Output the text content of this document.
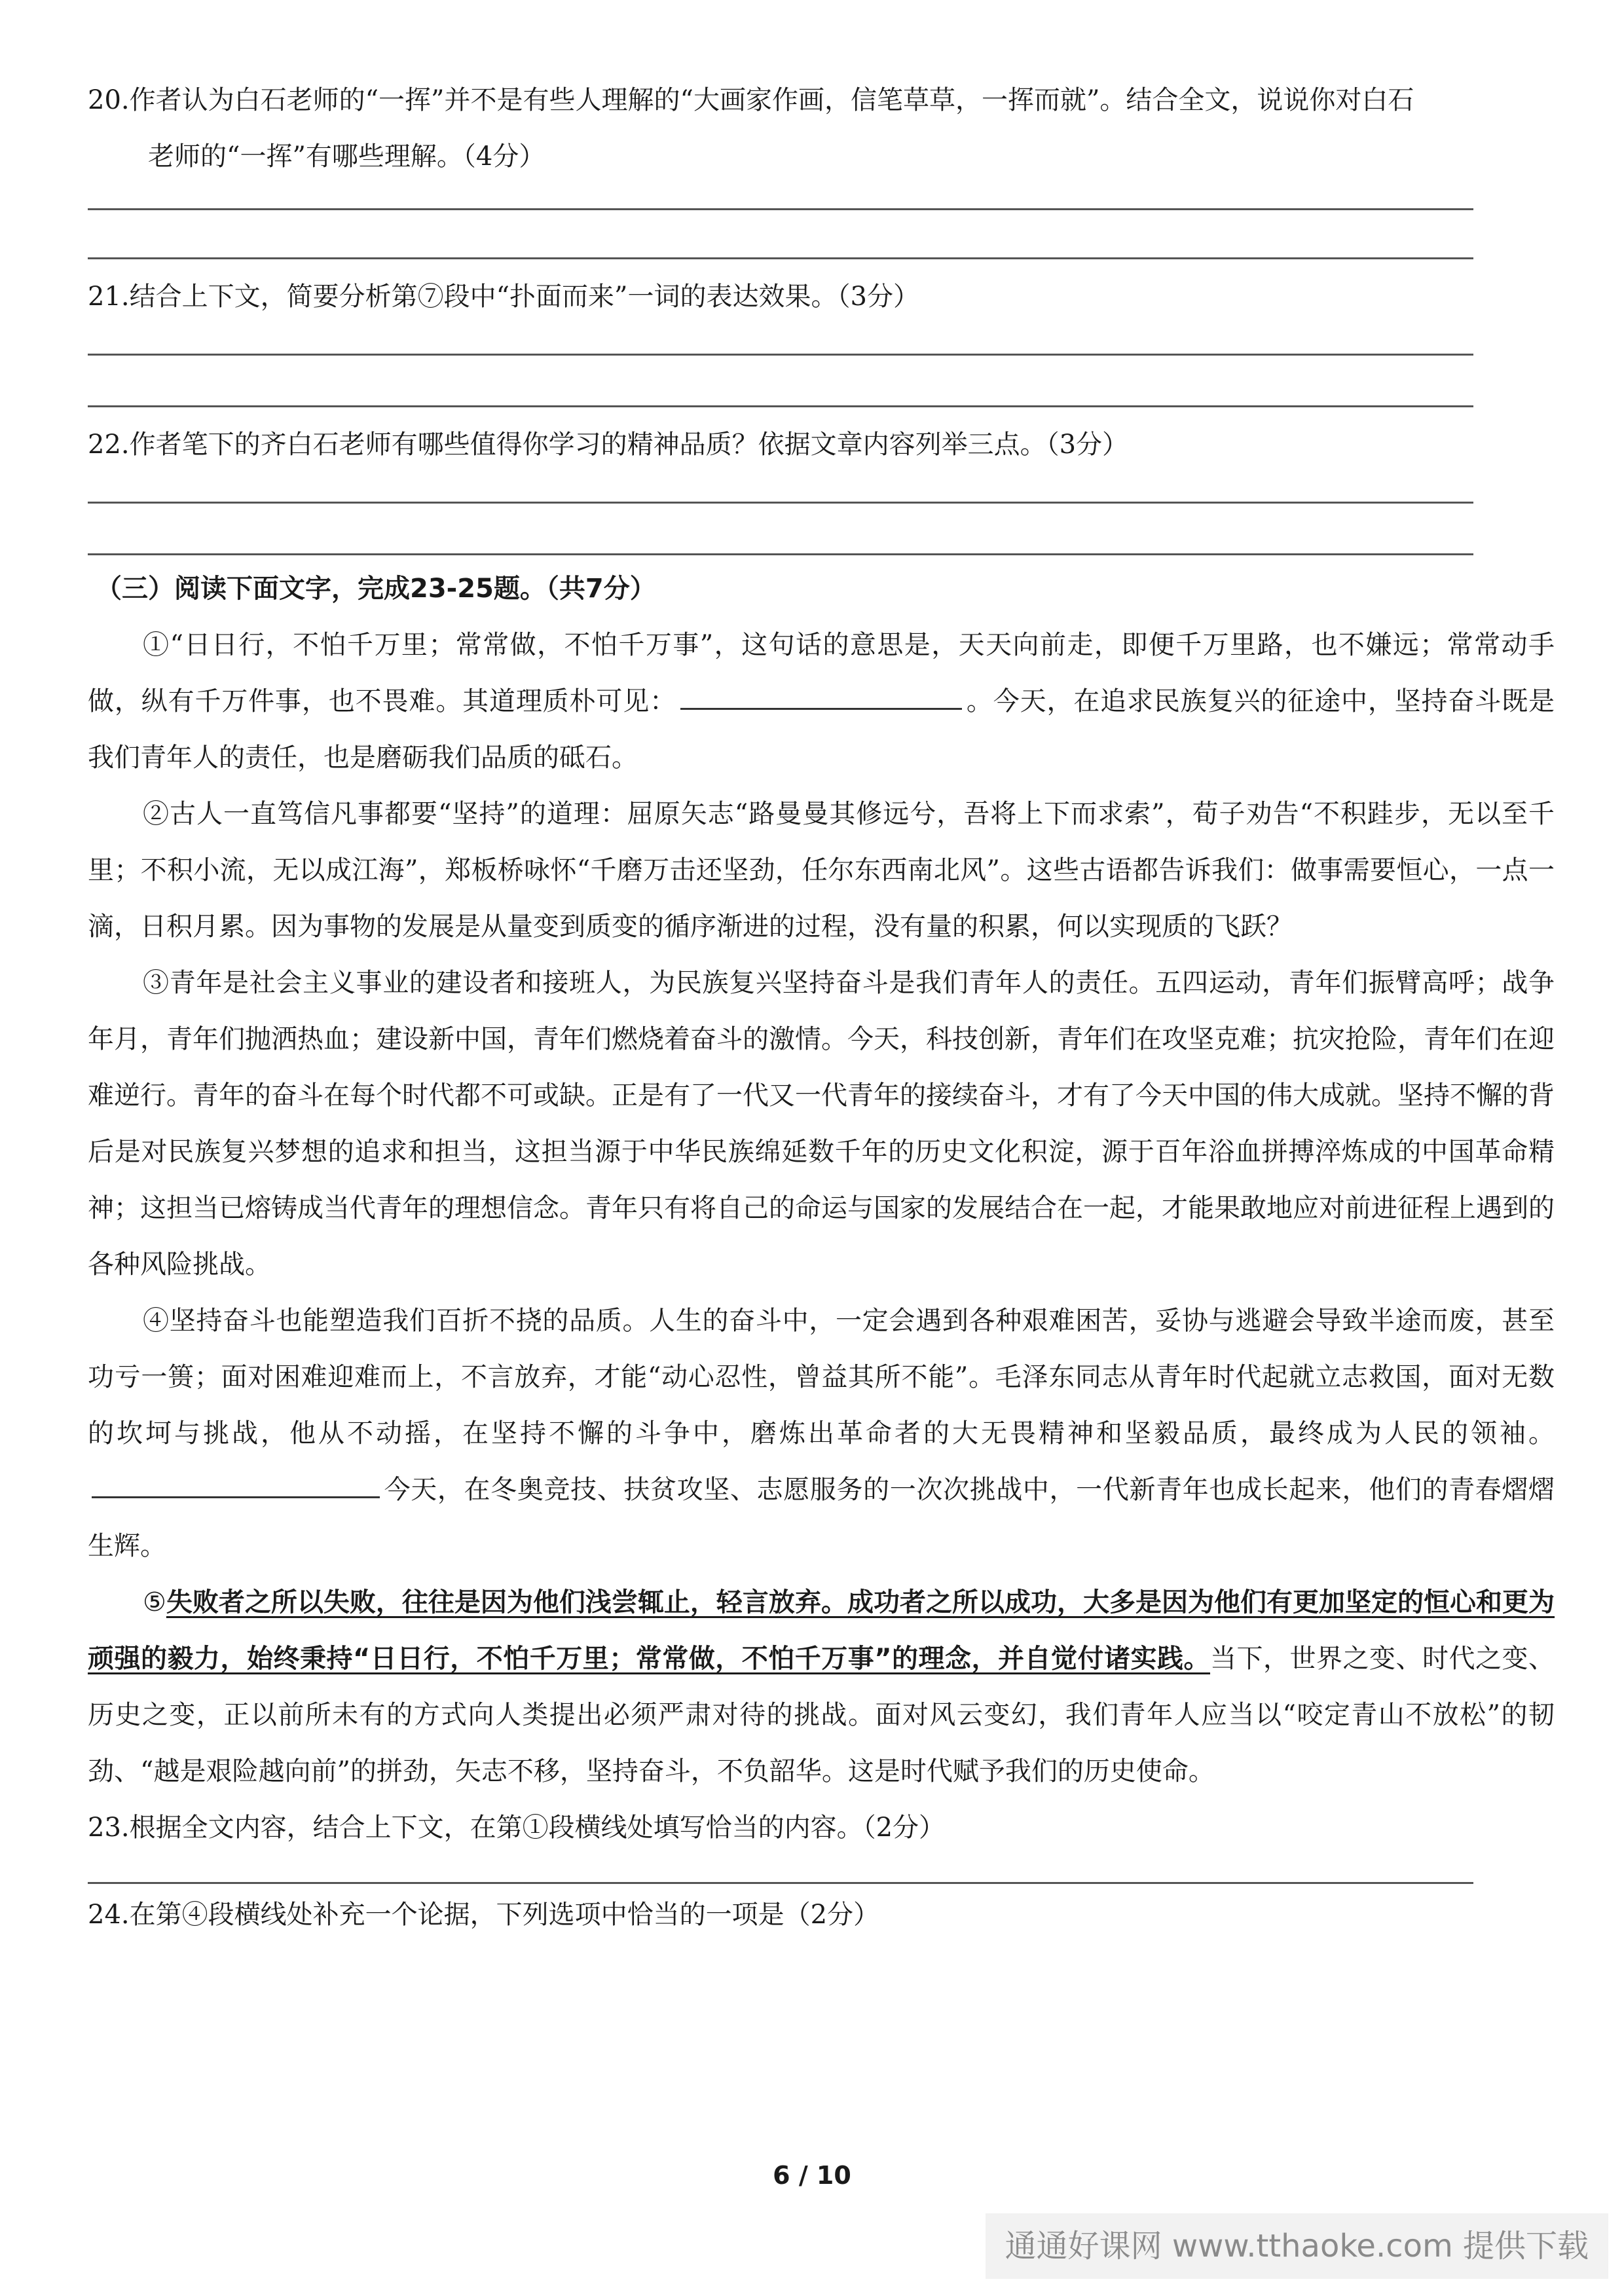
20.作者认为白石老师的“一挥”并不是有些人理解的“大画家作画，信笔草草，一挥而就”。结合全文，说说你对白石
老师的“一挥”有哪些理解。（4分）

21.结合上下文，简要分析第⑦段中“扑面而来”一词的表达效果。（3分）

22.作者笔下的齐白石老师有哪些值得你学习的精神品质？依据文章内容列举三点。（3分）

（三）阅读下面文字，完成23-25题。（共7分）

①“日日行，不怕千万里；常常做，不怕千万事”，这句话的意思是，天天向前走，即便千万里路，也不嫌远；常常动手做，纵有千万件事，也不畏难。其道理质朴可见：	。今天，在追求民族复兴的征途中，坚持奋斗既是我们青年人的责任，也是磨砺我们品质的砥石。

②古人一直笃信凡事都要“坚持”的道理：屈原矢志“路曼曼其修远兮，吾将上下而求索”，荀子劝告“不积跬步，无以至千里；不积小流，无以成江海”，郑板桥咏怀“千磨万击还坚劲，任尔东西南北风”。这些古语都告诉我们：做事需要恒心，一点一滴，日积月累。因为事物的发展是从量变到质变的循序渐进的过程，没有量的积累，何以实现质的飞跃？

③青年是社会主义事业的建设者和接班人，为民族复兴坚持奋斗是我们青年人的责任。五四运动，青年们振臂高呼；战争年月，青年们抛洒热血；建设新中国，青年们燃烧着奋斗的激情。今天，科技创新，青年们在攻坚克难；抗灾抢险，青年们在迎难逆行。青年的奋斗在每个时代都不可或缺。正是有了一代又一代青年的接续奋斗，才有了今天中国的伟大成就。坚持不懈的背后是对民族复兴梦想的追求和担当，这担当源于中华民族绵延数千年的历史文化积淀，源于百年浴血拼搏淬炼成的中国革命精神；这担当已熔铸成当代青年的理想信念。青年只有将自己的命运与国家的发展结合在一起，才能果敢地应对前进征程上遇到的各种风险挑战。

④坚持奋斗也能塑造我们百折不挠的品质。人生的奋斗中，一定会遇到各种艰难困苦，妥协与逃避会导致半途而废，甚至功亏一篑；面对困难迎难而上，不言放弃，才能“动心忍性，曾益其所不能”。毛泽东同志从青年时代起就立志救国，面对无数的坎坷与挑战，他从不动摇，在坚持不懈的斗争中，磨炼出革命者的大无畏精神和坚毅品质，最终成为人民的领袖。今天，在冬奥竞技、扶贫攻坚、志愿服务的一次次挑战中，一代新青年也成长起来，他们的青春熠熠生辉。

⑤失败者之所以失败，往往是因为他们浅尝辄止，轻言放弃。成功者之所以成功，大多是因为他们有更加坚定的恒心和更为顽强的毅力，始终秉持“日日行，不怕千万里；常常做，不怕千万事”的理念，并自觉付诸实践。当下，世界之变、时代之变、历史之变，正以前所未有的方式向人类提出必须严肃对待的挑战。面对风云变幻，我们青年人应当以“咬定青山不放松”的韧劲、“越是艰险越向前”的拼劲，矢志不移，坚持奋斗，不负韶华。这是时代赋予我们的历史使命。

23.根据全文内容，结合上下文，在第①段横线处填写恰当的内容。（2分）

24.在第④段横线处补充一个论据，下列选项中恰当的一项是（2分）

6 / 10
通通好课网 www.tthaoke.com 提供下载
